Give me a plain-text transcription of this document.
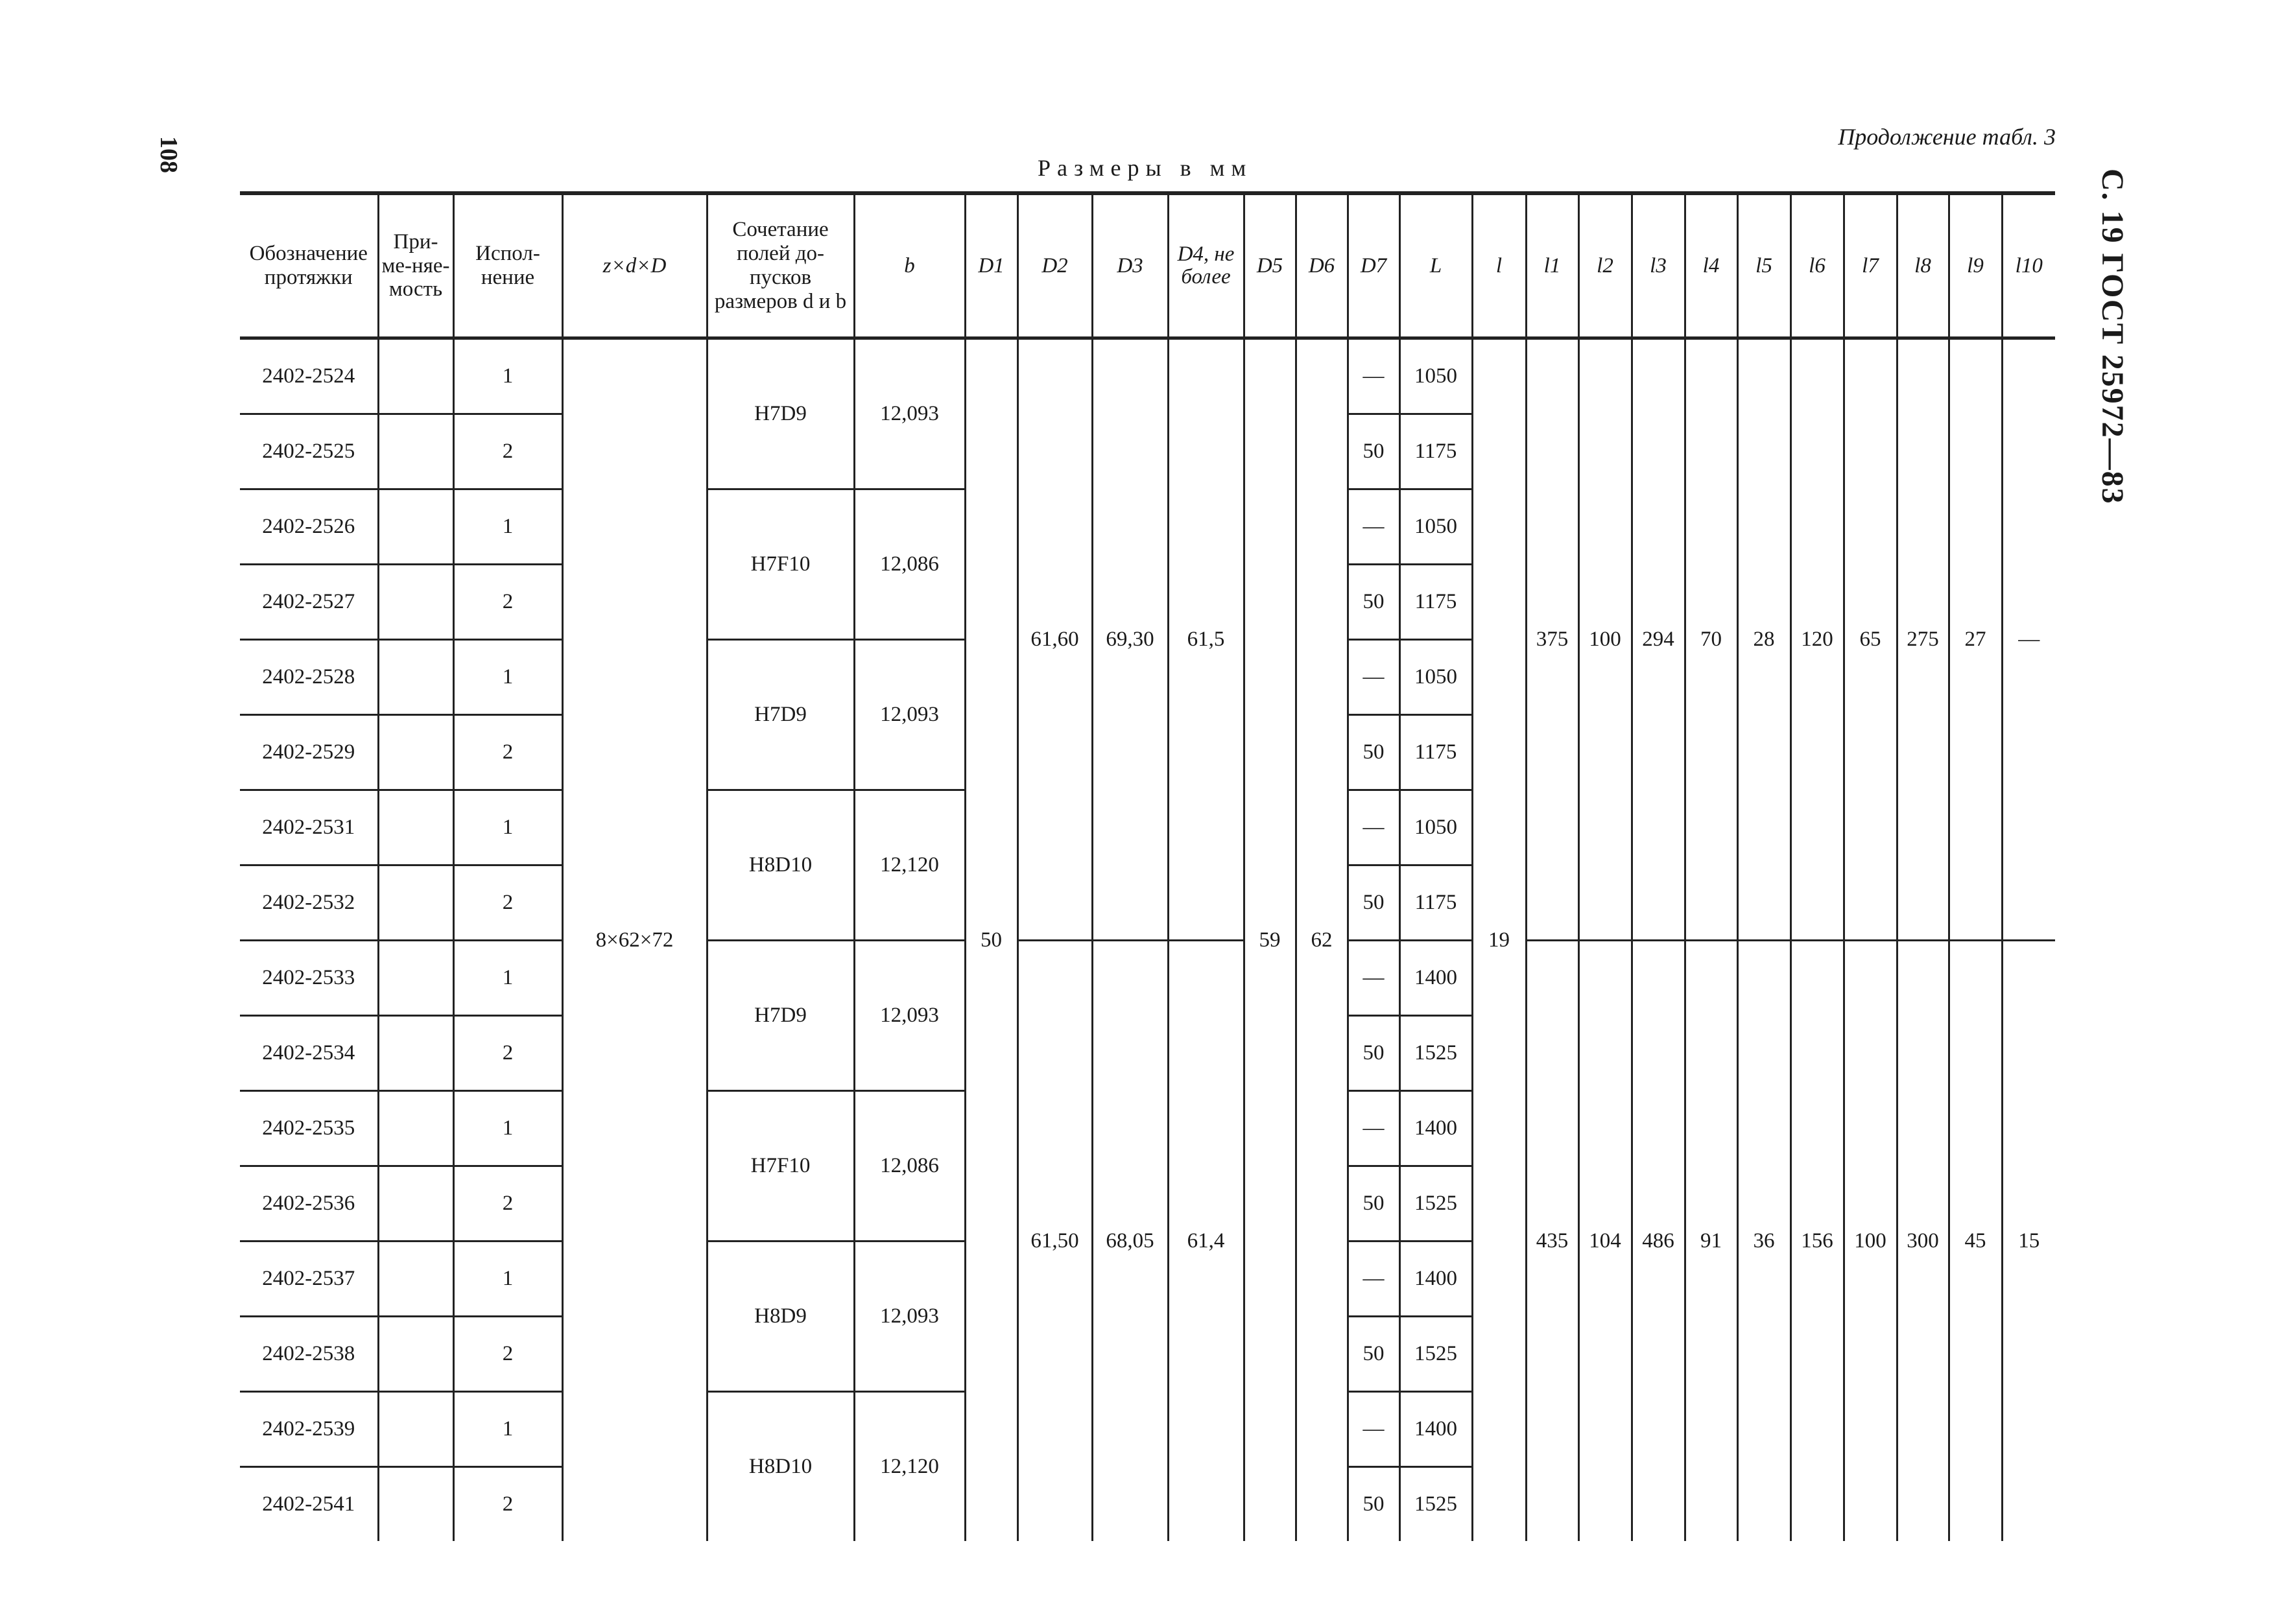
108
С. 19 ГОСТ 25972—83
Продолжение табл. 3
Размеры в мм
Обозначение протяжки	При-ме-няе-мость	Испол-нение	z×d×D	Сочетание полей до-пусков размеров d и b	b	D1	D2	D3	D4, не более	D5	D6	D7	L	l	l1	l2	l3	l4	l5	l6	l7	l8	l9	l10
2402-2524		1	8×62×72	H7D9	12,093	50	61,60	69,30	61,5	59	62	—	1050	19	375	100	294	70	28	120	65	275	27	—
2402-2525		2										50	1175											
2402-2526		1		H7F10	12,086							—	1050											
2402-2527		2										50	1175											
2402-2528		1		H7D9	12,093							—	1050											
2402-2529		2										50	1175											
2402-2531		1		H8D10	12,120							—	1050											
2402-2532		2										50	1175											
2402-2533		1		H7D9	12,093		61,50	68,05	61,4			—	1400		435	104	486	91	36	156	100	300	45	15
2402-2534		2										50	1525											
2402-2535		1		H7F10	12,086							—	1400											
2402-2536		2										50	1525											
2402-2537		1		H8D9	12,093							—	1400											
2402-2538		2										50	1525											
2402-2539		1		H8D10	12,120							—	1400											
2402-2541		2										50	1525											
